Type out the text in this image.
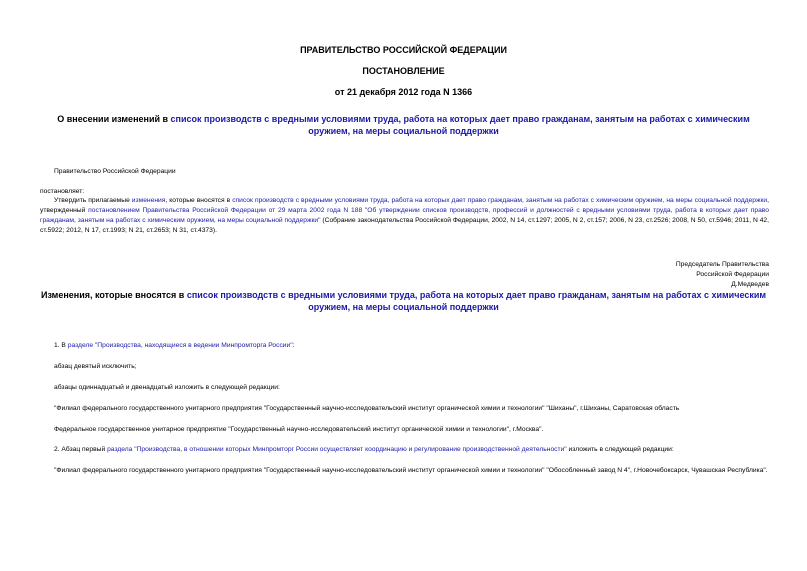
ПРАВИТЕЛЬСТВО РОССИЙСКОЙ ФЕДЕРАЦИИ
ПОСТАНОВЛЕНИЕ
от 21 декабря 2012 года N 1366
О внесении изменений в список производств с вредными условиями труда, работа на которых дает право гражданам, занятым на работах с химическим оружием, на меры социальной поддержки
Правительство Российской Федерации
постановляет:
Утвердить прилагаемые изменения, которые вносятся в список производств с вредными условиями труда, работа на которых дает право гражданам, занятым на работах с химическим оружием, на меры социальной поддержки, утвержденный постановлением Правительства Российской Федерации от 29 марта 2002 года N 188 "Об утверждении списков производств, профессий и должностей с вредными условиями труда, работа в которых дает право гражданам, занятым на работах с химическим оружием, на меры социальной поддержки" (Собрание законодательства Российской Федерации, 2002, N 14, ст.1297; 2005, N 2, ст.157; 2006, N 23, ст.2526; 2008, N 50, ст.5946; 2011, N 42, ст.5922; 2012, N 17, ст.1993; N 21, ст.2653; N 31, ст.4373).
Председатель Правительства
Российской Федерации
Д.Медведев
Изменения, которые вносятся в список производств с вредными условиями труда, работа на которых дает право гражданам, занятым на работах с химическим оружием, на меры социальной поддержки
1. В разделе "Производства, находящиеся в ведении Минпромторга России":
абзац девятый исключить;
абзацы одиннадцатый и двенадцатый изложить в следующей редакции:
"Филиал федерального государственного унитарного предприятия "Государственный научно-исследовательский институт органической химии и технологии" "Шиханы", г.Шиханы, Саратовская область
Федеральное государственное унитарное предприятие "Государственный научно-исследовательский институт органической химии и технологии", г.Москва".
2. Абзац первый раздела "Производства, в отношении которых Минпромторг России осуществляет координацию и регулирование производственной деятельности" изложить в следующей редакции:
"Филиал федерального государственного унитарного предприятия "Государственный научно-исследовательский институт органической химии и технологии" "Обособленный завод N 4", г.Новочебоксарск, Чувашская Республика".
